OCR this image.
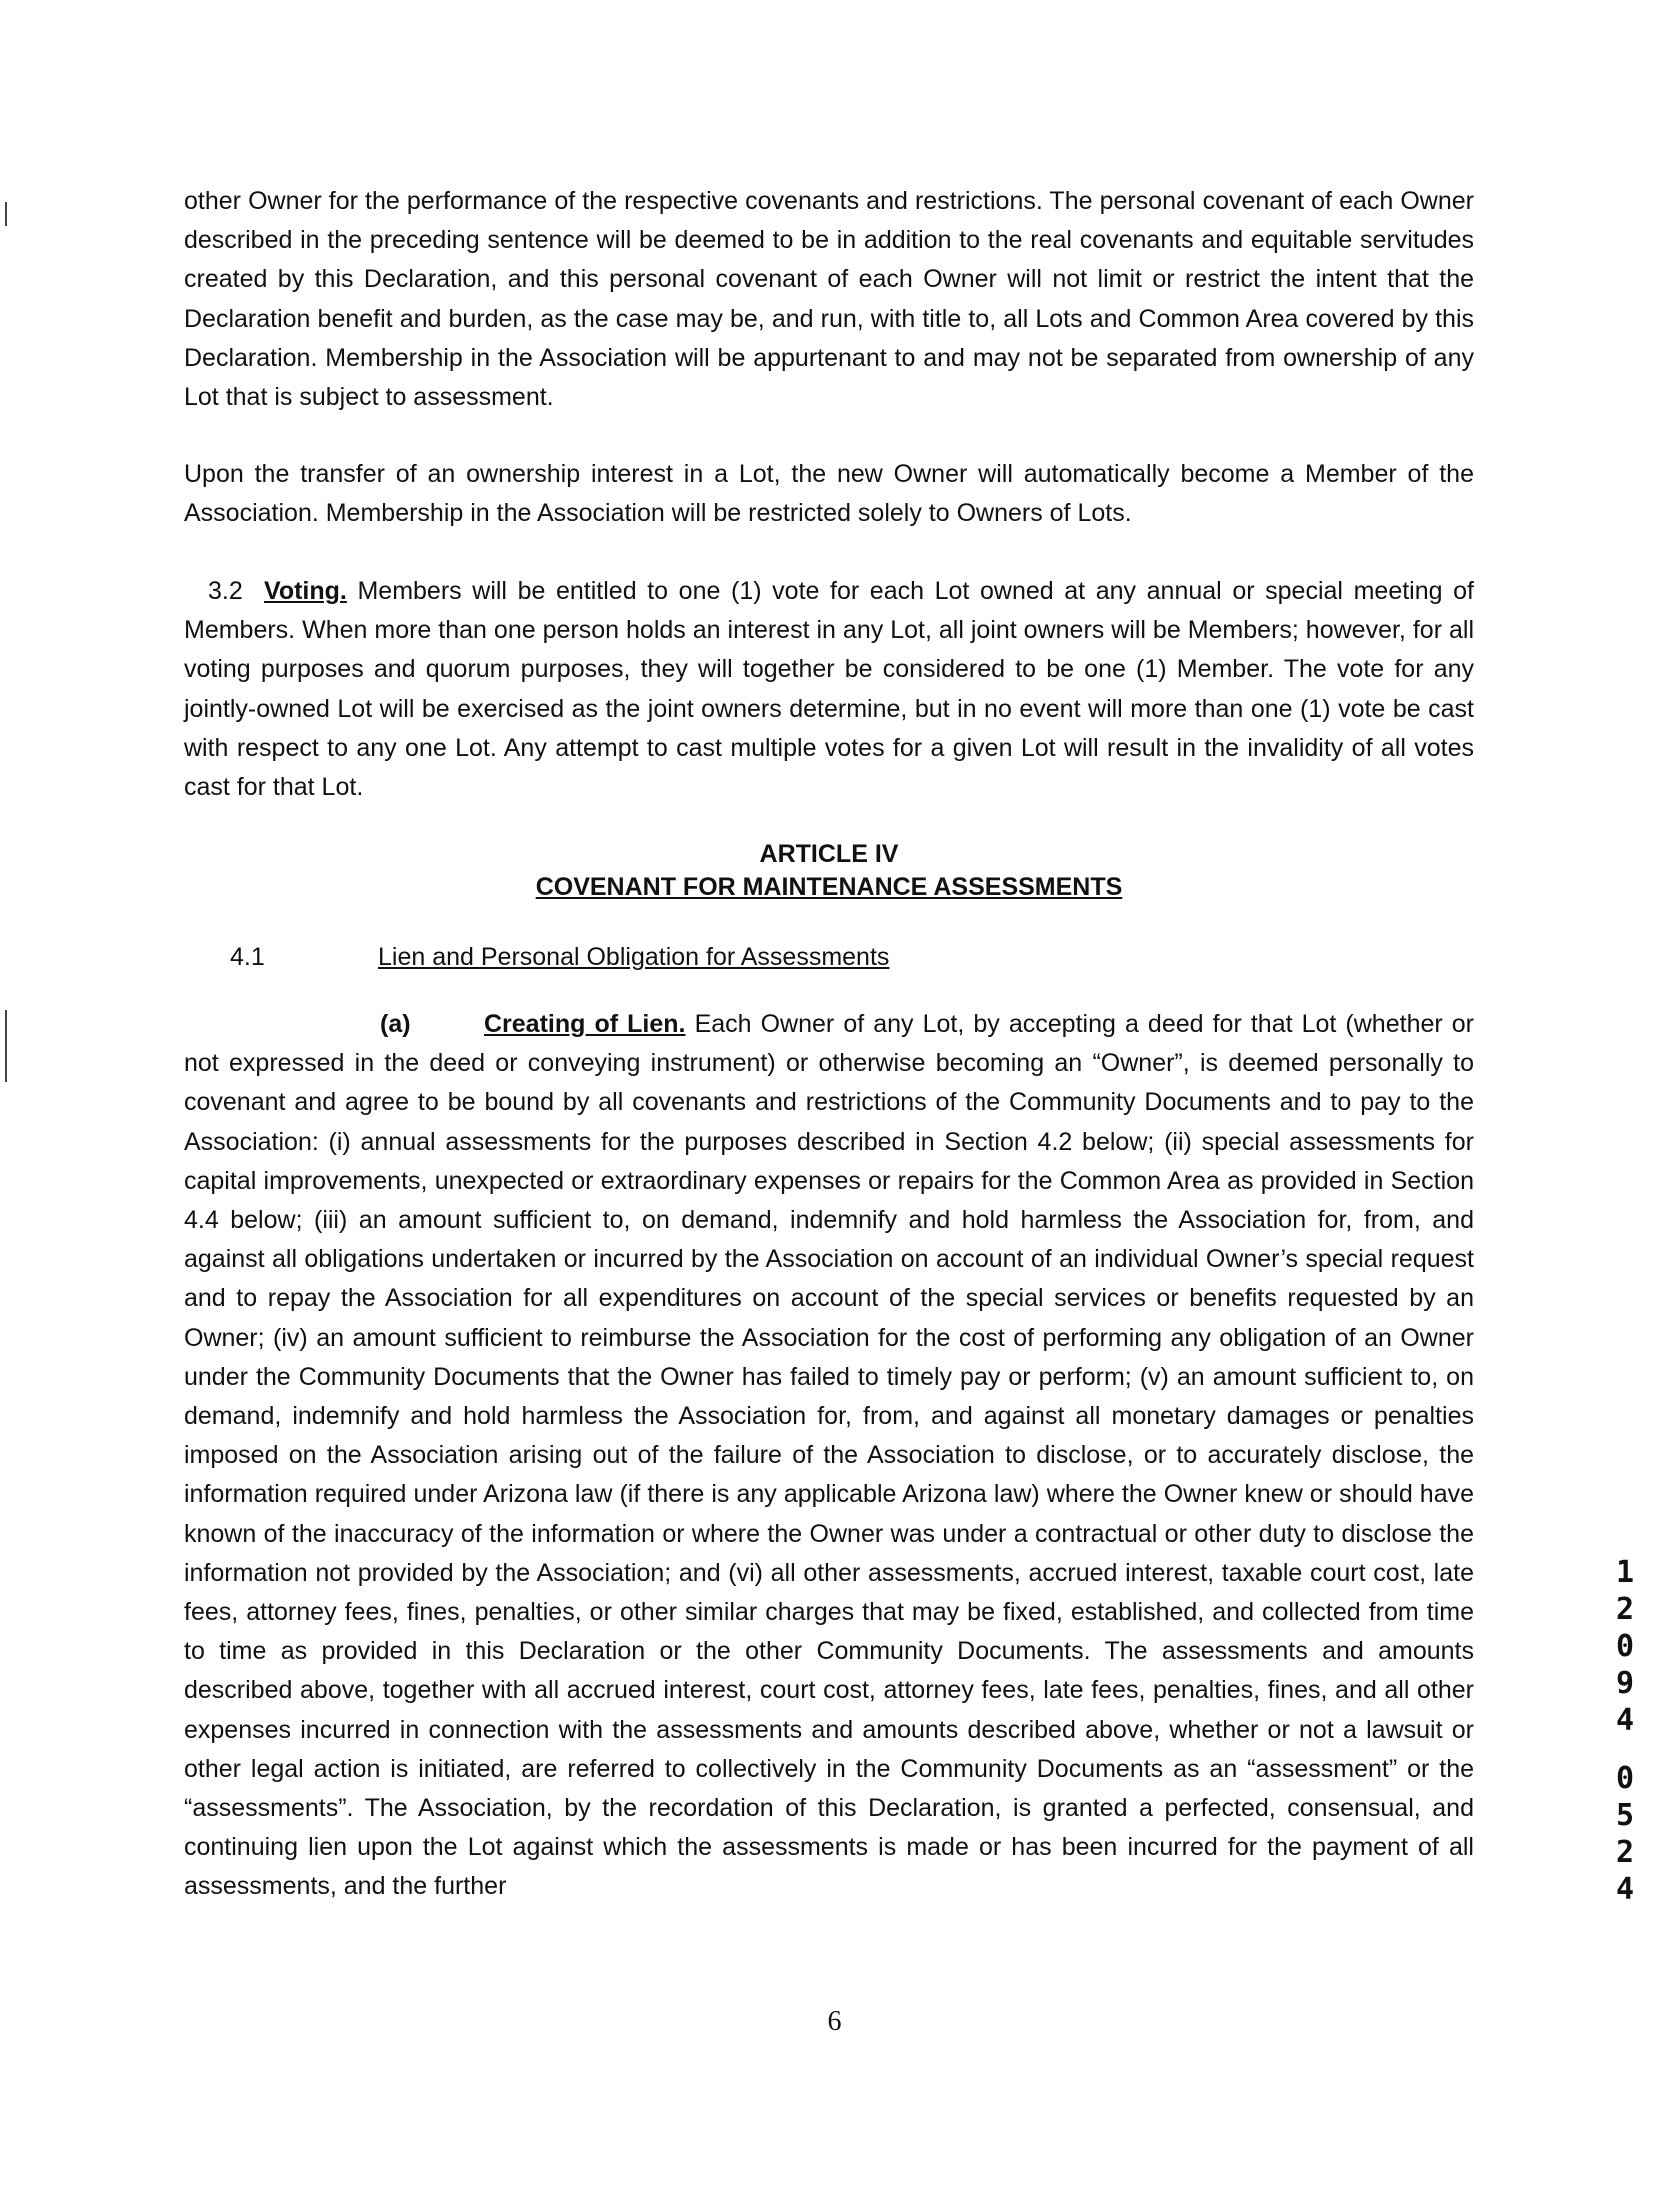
other Owner for the performance of the respective covenants and restrictions. The personal covenant of each Owner described in the preceding sentence will be deemed to be in addition to the real covenants and equitable servitudes created by this Declaration, and this personal covenant of each Owner will not limit or restrict the intent that the Declaration benefit and burden, as the case may be, and run, with title to, all Lots and Common Area covered by this Declaration. Membership in the Association will be appurtenant to and may not be separated from ownership of any Lot that is subject to assessment.

Upon the transfer of an ownership interest in a Lot, the new Owner will automatically become a Member of the Association. Membership in the Association will be restricted solely to Owners of Lots.

3.2 Voting. Members will be entitled to one (1) vote for each Lot owned at any annual or special meeting of Members. When more than one person holds an interest in any Lot, all joint owners will be Members; however, for all voting purposes and quorum purposes, they will together be considered to be one (1) Member. The vote for any jointly-owned Lot will be exercised as the joint owners determine, but in no event will more than one (1) vote be cast with respect to any one Lot. Any attempt to cast multiple votes for a given Lot will result in the invalidity of all votes cast for that Lot.

ARTICLE IV
COVENANT FOR MAINTENANCE ASSESSMENTS
4.1	Lien and Personal Obligation for Assessments

(a)	Creating of Lien. Each Owner of any Lot, by accepting a deed for that Lot (whether or not expressed in the deed or conveying instrument) or otherwise becoming an “Owner”, is deemed personally to covenant and agree to be bound by all covenants and restrictions of the Community Documents and to pay to the Association: (i) annual assessments for the purposes described in Section 4.2 below; (ii) special assessments for capital improvements, unexpected or extraordinary expenses or repairs for the Common Area as provided in Section 4.4 below; (iii) an amount sufficient to, on demand, indemnify and hold harmless the Association for, from, and against all obligations undertaken or incurred by the Association on account of an individual Owner’s special request and to repay the Association for all expenditures on account of the special services or benefits requested by an Owner; (iv) an amount sufficient to reimburse the Association for the cost of performing any obligation of an Owner under the Community Documents that the Owner has failed to timely pay or perform; (v) an amount sufficient to, on demand, indemnify and hold harmless the Association for, from, and against all monetary damages or penalties imposed on the Association arising out of the failure of the Association to disclose, or to accurately disclose, the information required under Arizona law (if there is any applicable Arizona law) where the Owner knew or should have known of the inaccuracy of the information or where the Owner was under a contractual or other duty to disclose the information not provided by the Association; and (vi) all other assessments, accrued interest, taxable court cost, late fees, attorney fees, fines, penalties, or other similar charges that may be fixed, established, and collected from time to time as provided in this Declaration or the other Community Documents. The assessments and amounts described above, together with all accrued interest, court cost, attorney fees, late fees, penalties, fines, and all other expenses incurred in connection with the assessments and amounts described above, whether or not a lawsuit or other legal action is initiated, are referred to collectively in the Community Documents as an “assessment” or the “assessments”. The Association, by the recordation of this Declaration, is granted a perfected, consensual, and continuing lien upon the Lot against which the assessments is made or has been incurred for the payment of all assessments, and the further

6
1
2
0
9
4
0
5
2
4
